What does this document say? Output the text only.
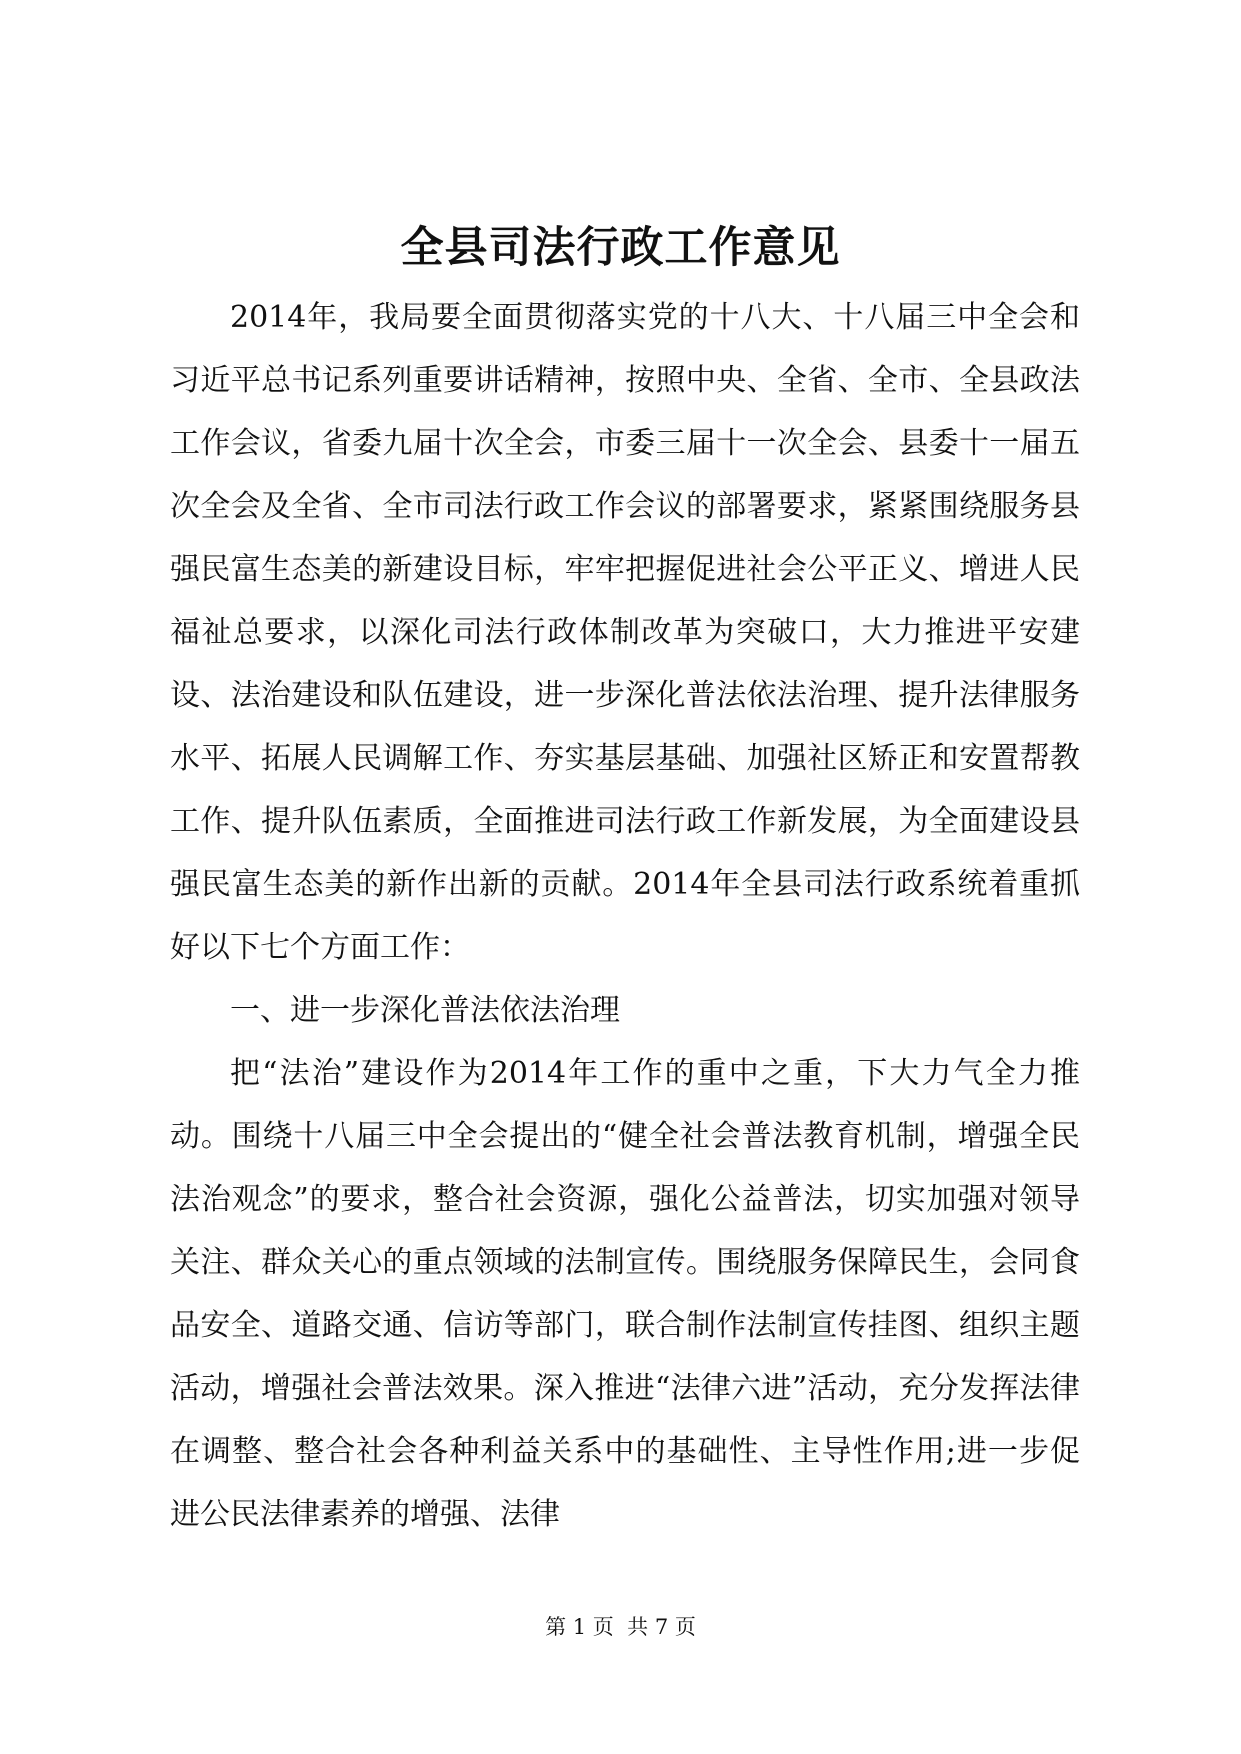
全县司法行政工作意见

2014年，我局要全面贯彻落实党的十八大、十八届三中全会和习近平总书记系列重要讲话精神，按照中央、全省、全市、全县政法工作会议，省委九届十次全会，市委三届十一次全会、县委十一届五次全会及全省、全市司法行政工作会议的部署要求，紧紧围绕服务县强民富生态美的新建设目标，牢牢把握促进社会公平正义、增进人民福祉总要求，以深化司法行政体制改革为突破口，大力推进平安建设、法治建设和队伍建设，进一步深化普法依法治理、提升法律服务水平、拓展人民调解工作、夯实基层基础、加强社区矫正和安置帮教工作、提升队伍素质，全面推进司法行政工作新发展，为全面建设县强民富生态美的新作出新的贡献。2014年全县司法行政系统着重抓好以下七个方面工作：

一、进一步深化普法依法治理

把“法治”建设作为2014年工作的重中之重，下大力气全力推动。围绕十八届三中全会提出的“健全社会普法教育机制，增强全民法治观念”的要求，整合社会资源，强化公益普法，切实加强对领导关注、群众关心的重点领域的法制宣传。围绕服务保障民生，会同食品安全、道路交通、信访等部门，联合制作法制宣传挂图、组织主题活动，增强社会普法效果。深入推进“法律六进”活动，充分发挥法律在调整、整合社会各种利益关系中的基础性、主导性作用;进一步促进公民法律素养的增强、法律

第 1 页 共 7 页
